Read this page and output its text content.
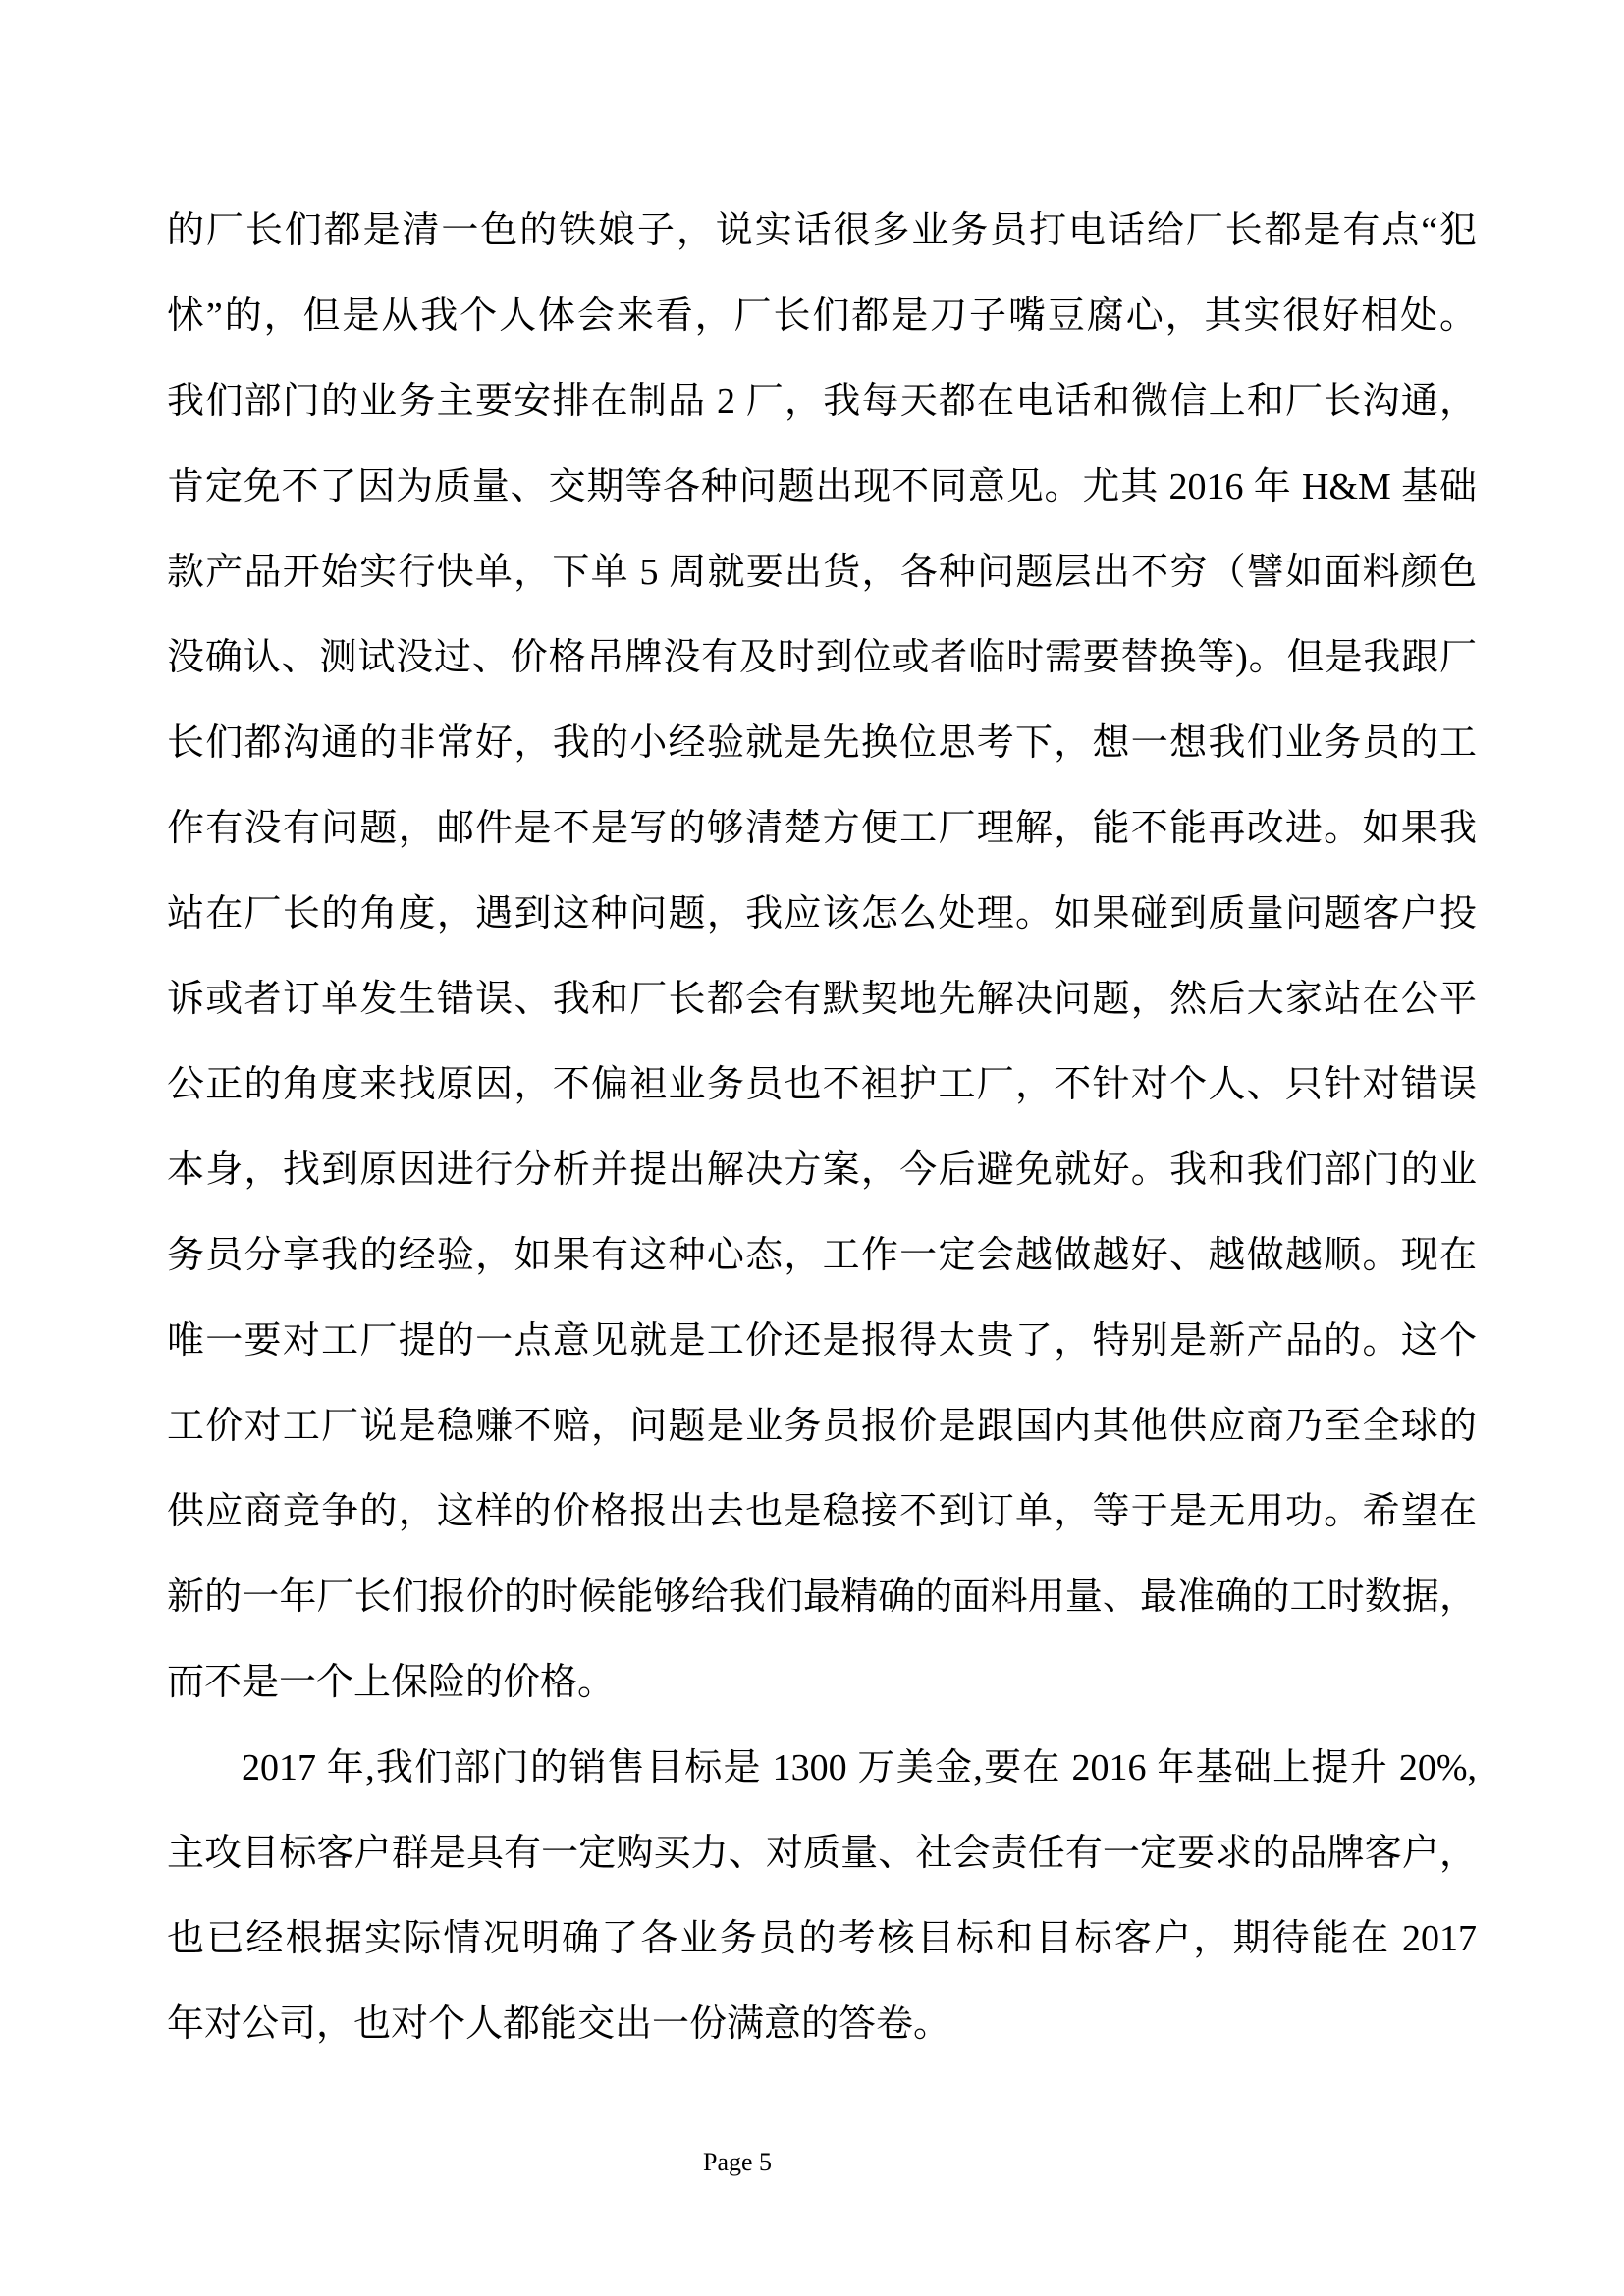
的厂长们都是清一色的铁娘子，说实话很多业务员打电话给厂长都是有点“犯
怵”的，但是从我个人体会来看，厂长们都是刀子嘴豆腐心，其实很好相处。
我们部门的业务主要安排在制品 2 厂，我每天都在电话和微信上和厂长沟通，
肯定免不了因为质量、交期等各种问题出现不同意见。尤其 2016 年 H&M 基础
款产品开始实行快单，下单 5 周就要出货，各种问题层出不穷（譬如面料颜色
没确认、测试没过、价格吊牌没有及时到位或者临时需要替换等)。但是我跟厂
长们都沟通的非常好，我的小经验就是先换位思考下，想一想我们业务员的工
作有没有问题，邮件是不是写的够清楚方便工厂理解，能不能再改进。如果我
站在厂长的角度，遇到这种问题，我应该怎么处理。如果碰到质量问题客户投
诉或者订单发生错误、我和厂长都会有默契地先解决问题，然后大家站在公平
公正的角度来找原因，不偏袒业务员也不袒护工厂，不针对个人、只针对错误
本身，找到原因进行分析并提出解决方案，今后避免就好。我和我们部门的业
务员分享我的经验，如果有这种心态，工作一定会越做越好、越做越顺。现在
唯一要对工厂提的一点意见就是工价还是报得太贵了，特别是新产品的。这个
工价对工厂说是稳赚不赔，问题是业务员报价是跟国内其他供应商乃至全球的
供应商竞争的，这样的价格报出去也是稳接不到订单，等于是无用功。希望在
新的一年厂长们报价的时候能够给我们最精确的面料用量、最准确的工时数据，
而不是一个上保险的价格。
2017 年,我们部门的销售目标是 1300 万美金,要在 2016 年基础上提升 20%,
主攻目标客户群是具有一定购买力、对质量、社会责任有一定要求的品牌客户，
也已经根据实际情况明确了各业务员的考核目标和目标客户，期待能在 2017
年对公司，也对个人都能交出一份满意的答卷。
Page 5
